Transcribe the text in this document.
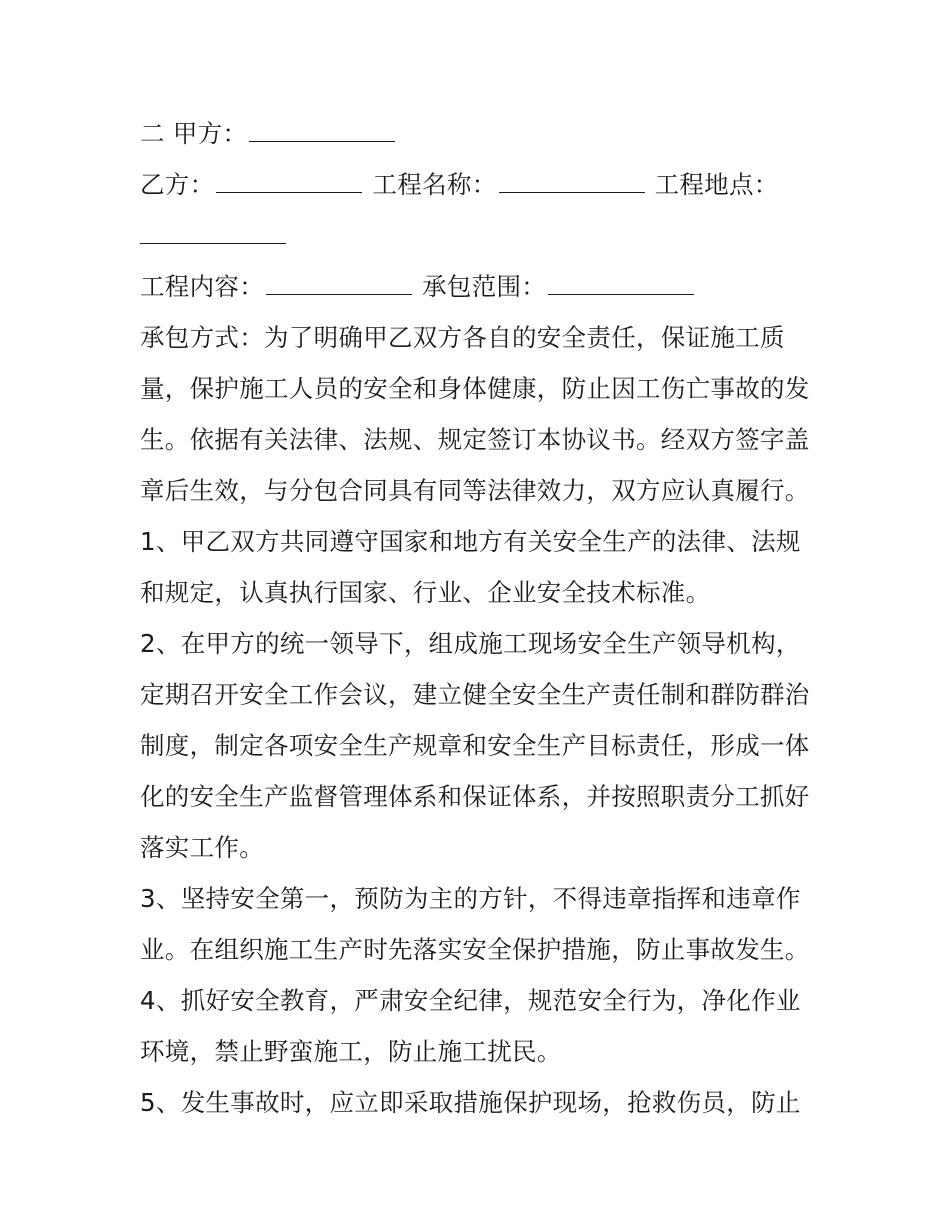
二 甲方：
乙方：	工程名称：	工程地点：
工程内容：	承包范围：
承包方式：为了明确甲乙双方各自的安全责任，保证施工质
量，保护施工人员的安全和身体健康，防止因工伤亡事故的发
生。依据有关法律、法规、规定签订本协议书。经双方签字盖
章后生效，与分包合同具有同等法律效力，双方应认真履行。
1、甲乙双方共同遵守国家和地方有关安全生产的法律、法规
和规定，认真执行国家、行业、企业安全技术标准。
2、在甲方的统一领导下，组成施工现场安全生产领导机构，
定期召开安全工作会议，建立健全安全生产责任制和群防群治
制度，制定各项安全生产规章和安全生产目标责任，形成一体
化的安全生产监督管理体系和保证体系，并按照职责分工抓好
落实工作。
3、坚持安全第一，预防为主的方针，不得违章指挥和违章作
业。在组织施工生产时先落实安全保护措施，防止事故发生。
4、抓好安全教育，严肃安全纪律，规范安全行为，净化作业
环境，禁止野蛮施工，防止施工扰民。
5、发生事故时，应立即采取措施保护现场，抢救伤员，防止
